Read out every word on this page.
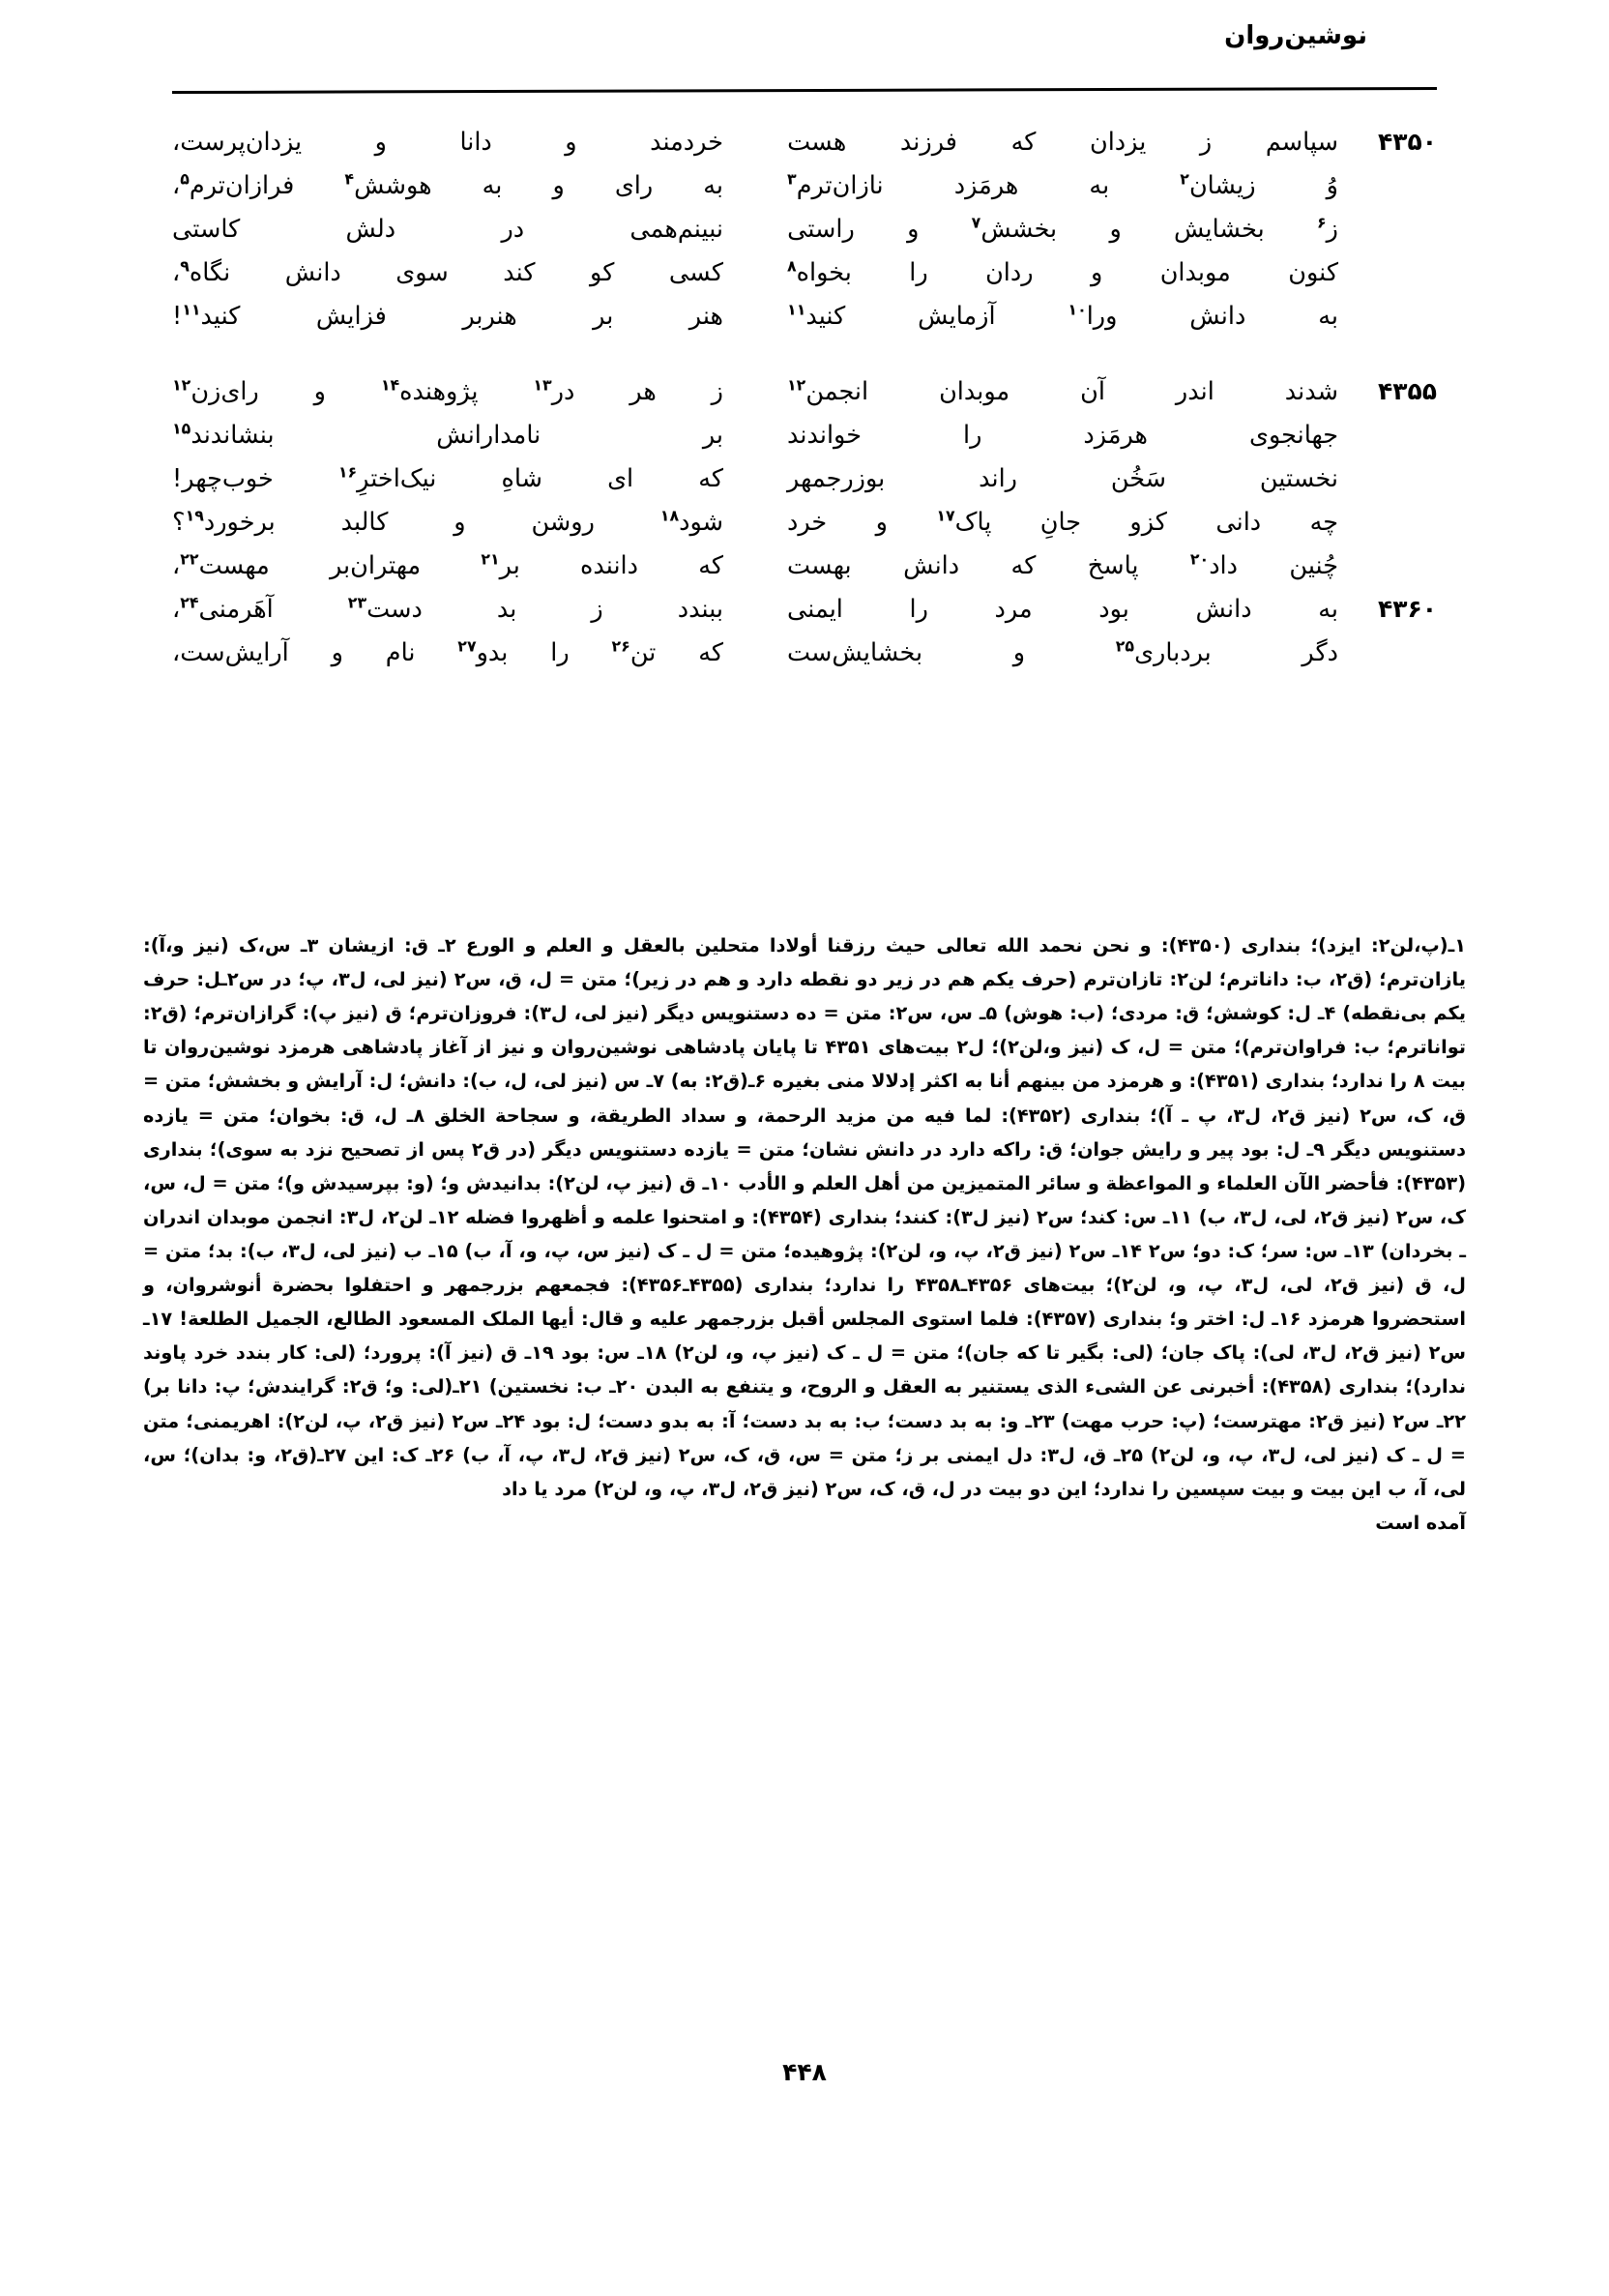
نوشین‌روان
۴۳۵۰
سپاسم
ز
یزدان
که
فرزند
هست
خردمند
و
دانا
و
یزدان‌پرست،
وُ
زیشان$^۲$
به
هرمَزد
نازان‌ترم$^۳$
به
رای
و
به
هوشش$^۴$
فرازان‌ترم$^۵$،
ز$^۶$
بخشایش
و
بخشش$^۷$
و
راستی
نبینم‌همی
در
دلش
کاستی
کنون
موبدان
و
ردان
را
بخواه$^۸$
کسی
کو
کند
سوی
دانش
نگاه$^۹$،
به
دانش
ورا$^{۱۰}$
آزمایش
کنید$^{۱۱}$
هنر
بر
هنربر
فزایش
کنید$^{۱۱}$!
۴۳۵۵
شدند
اندر
آن
موبدان
انجمن$^{۱۲}$
ز
هر
در$^{۱۳}$
پژوهنده$^{۱۴}$
و
رای‌زن$^{۱۲}$
جهانجوی
هرمَزد
را
خواندند
بر
نامدارانش
بنشاندند$^{۱۵}$
نخستین
سَخُن
راند
بوزرجمهر
که
ای
شاهِ
نیک‌اخترِ$^{۱۶}$
خوب‌چهر!
چه
دانی
کزو
جانِ
پاک$^{۱۷}$
و
خرد
شود$^{۱۸}$
روشن
و
کالبد
برخورد$^{۱۹}$؟
چُنین
داد$^{۲۰}$
پاسخ
که
دانش
بهست
که
داننده
بر$^{۲۱}$
مهتران‌بر
مهست$^{۲۲}$،
۴۳۶۰
به
دانش
بود
مرد
را
ایمنی
ببندد
ز
بد
دست$^{۲۳}$
آهَرمنی$^{۲۴}$،
دگر
بردباری$^{۲۵}$
و
بخشایش‌ست
که
تن$^{۲۶}$
را
بدو$^{۲۷}$
نام
و
آرایش‌ست،

۱ـ(پ،لن۲: ایزد)؛ بنداری (۴۳۵۰): و نحن نحمد الله تعالی حیث رزقنا أولادا متحلین بالعقل و العلم و الورع ۲ـ ق: ازیشان ۳ـ س،ک (نیز و،آ): یازان‌ترم؛ (ق۲، ب: داناترم؛ لن۲: تازان‌ترم (حرف یکم هم در زیر دو نقطه دارد و هم در زیر)؛ متن = ل، ق، س۲ (نیز لی، ل۳، پ؛ در س۲ـل: حرف یکم بی‌نقطه) ۴ـ ل: کوشش؛ ق: مردی؛ (ب: هوش) ۵ـ س، س۲: متن = ده دستنویس دیگر (نیز لی، ل۳): فروزان‌ترم؛ ق (نیز پ): گرازان‌ترم؛ (ق۲: توانا‌ترم؛ ب: فراوان‌ترم)؛ متن = ل، ک (نیز و،لن۲)؛ ل۲ بیت‌های ۴۳۵۱ تا پایان پادشاهی نوشین‌روان و نیز از آغاز پادشاهی هرمزد نوشین‌روان تا بیت ۸ را ندارد؛ بنداری (۴۳۵۱): و هرمزد من بینهم أنا به اکثر إدلالا منی بغیره ۶ـ(ق۲: به) ۷ـ س (نیز لی، ل، ب): دانش؛ ل: آرایش و بخشش؛ متن = ق، ک، س۲ (نیز ق۲، ل۳، پ ـ آ)؛ بنداری (۴۳۵۲): لما فیه من مزید الرحمة، و سداد الطریقة، و سجاحة الخلق ۸ـ ل، ق: بخوان؛ متن = یازده دستنویس دیگر ۹ـ ل: بود پیر و رایش جوان؛ ق: راکه دارد در دانش نشان؛ متن = یازده دستنویس دیگر (در ق۲ پس از تصحیح نزد به سوی)؛ بنداری (۴۳۵۳): فأحضر الآن العلماء و المواعظة و سائر المتمیزین من أهل العلم و الأدب ۱۰ـ ق (نیز پ، لن۲): بدانیدش و؛ (و: بپرسیدش و)؛ متن = ل، س، ک، س۲ (نیز ق۲، لی، ل۳، ب) ۱۱ـ س: کند؛ س۲ (نیز ل۳): کنند؛ بنداری (۴۳۵۴): و امتحنوا علمه و أظهروا فضله ۱۲ـ لن۲، ل۳: انجمن موبدان اندران ـ بخردان) ۱۳ـ س: سر؛ ک: دو؛ س۲ ۱۴ـ س۲ (نیز ق۲، پ، و، لن۲): پژوهیده؛ متن = ل ـ ک (نیز س، پ، و، آ، ب) ۱۵ـ ب (نیز لی، ل۳، ب): بد؛ متن = ل، ق (نیز ق۲، لی، ل۳، پ، و، لن۲)؛ بیت‌های ۴۳۵۶ـ۴۳۵۸ را ندارد؛ بنداری (۴۳۵۵ـ۴۳۵۶): فجمعهم بزرجمهر و احتفلوا بحضرة أنوشروان، و استحضروا هرمزد ۱۶ـ ل: اختر و؛ بنداری (۴۳۵۷): فلما استوی المجلس أقبل بزرجمهر علیه و قال: أیها الملک المسعود الطالع، الجمیل الطلعة! ۱۷ـ س۲ (نیز ق۲، ل۳، لی): پاک جان؛ (لی: بگیر تا که جان)؛ متن = ل ـ ک (نیز پ، و، لن۲) ۱۸ـ س: بود ۱۹ـ ق (نیز آ): پرورد؛ (لی: کار بندد خرد پاوند ندارد)؛ بنداری (۴۳۵۸): أخبرنی عن الشیء الذی یستنیر به العقل و الروح، و یتنفع به البدن ۲۰ـ ب: نخستین) ۲۱ـ(لی: و؛ ق۲: گرایندش؛ پ: دانا بر) ۲۲ـ س۲ (نیز ق۲: مهترست؛ (پ: حرب مهت) ۲۳ـ و: به بد دست؛ ب: به بد دست؛ آ: به بدو دست؛ ل: بود ۲۴ـ س۲ (نیز ق۲، پ، لن۲): اهریمنی؛ متن = ل ـ ک (نیز لی، ل۳، پ، و، لن۲) ۲۵ـ ق، ل۳: دل ایمنی بر ز؛ متن = س، ق، ک، س۲ (نیز ق۲، ل۳، پ، آ، ب) ۲۶ـ ک: این ۲۷ـ(ق۲، و: بدان)؛ س، لی، آ، ب این بیت و بیت سپسین را ندارد؛ این دو بیت در ل، ق، ک، س۲ (نیز ق۲، ل۳، پ، و، لن۲) مرد یا داد

آمده است

۴۴۸
